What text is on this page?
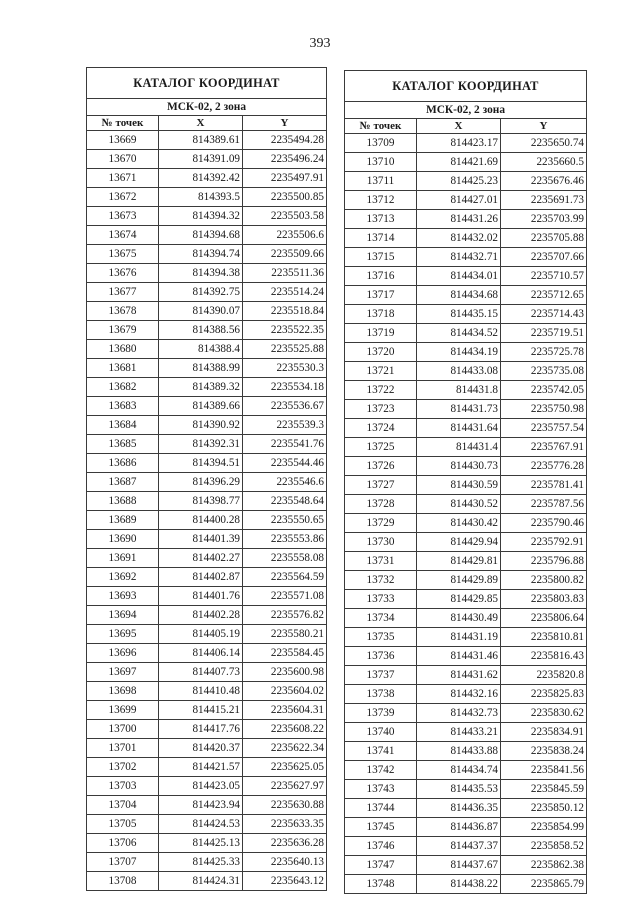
393
КАТАЛОГ КООРДИНАТ		
МСК-02, 2 зона		
№ точек	X	Y
13669	814389.61	2235494.28
13670	814391.09	2235496.24
13671	814392.42	2235497.91
13672	814393.5	2235500.85
13673	814394.32	2235503.58
13674	814394.68	2235506.6
13675	814394.74	2235509.66
13676	814394.38	2235511.36
13677	814392.75	2235514.24
13678	814390.07	2235518.84
13679	814388.56	2235522.35
13680	814388.4	2235525.88
13681	814388.99	2235530.3
13682	814389.32	2235534.18
13683	814389.66	2235536.67
13684	814390.92	2235539.3
13685	814392.31	2235541.76
13686	814394.51	2235544.46
13687	814396.29	2235546.6
13688	814398.77	2235548.64
13689	814400.28	2235550.65
13690	814401.39	2235553.86
13691	814402.27	2235558.08
13692	814402.87	2235564.59
13693	814401.76	2235571.08
13694	814402.28	2235576.82
13695	814405.19	2235580.21
13696	814406.14	2235584.45
13697	814407.73	2235600.98
13698	814410.48	2235604.02
13699	814415.21	2235604.31
13700	814417.76	2235608.22
13701	814420.37	2235622.34
13702	814421.57	2235625.05
13703	814423.05	2235627.97
13704	814423.94	2235630.88
13705	814424.53	2235633.35
13706	814425.13	2235636.28
13707	814425.33	2235640.13
13708	814424.31	2235643.12
КАТАЛОГ КООРДИНАТ		
МСК-02, 2 зона		
№ точек	X	Y
13709	814423.17	2235650.74
13710	814421.69	2235660.5
13711	814425.23	2235676.46
13712	814427.01	2235691.73
13713	814431.26	2235703.99
13714	814432.02	2235705.88
13715	814432.71	2235707.66
13716	814434.01	2235710.57
13717	814434.68	2235712.65
13718	814435.15	2235714.43
13719	814434.52	2235719.51
13720	814434.19	2235725.78
13721	814433.08	2235735.08
13722	814431.8	2235742.05
13723	814431.73	2235750.98
13724	814431.64	2235757.54
13725	814431.4	2235767.91
13726	814430.73	2235776.28
13727	814430.59	2235781.41
13728	814430.52	2235787.56
13729	814430.42	2235790.46
13730	814429.94	2235792.91
13731	814429.81	2235796.88
13732	814429.89	2235800.82
13733	814429.85	2235803.83
13734	814430.49	2235806.64
13735	814431.19	2235810.81
13736	814431.46	2235816.43
13737	814431.62	2235820.8
13738	814432.16	2235825.83
13739	814432.73	2235830.62
13740	814433.21	2235834.91
13741	814433.88	2235838.24
13742	814434.74	2235841.56
13743	814435.53	2235845.59
13744	814436.35	2235850.12
13745	814436.87	2235854.99
13746	814437.37	2235858.52
13747	814437.67	2235862.38
13748	814438.22	2235865.79
